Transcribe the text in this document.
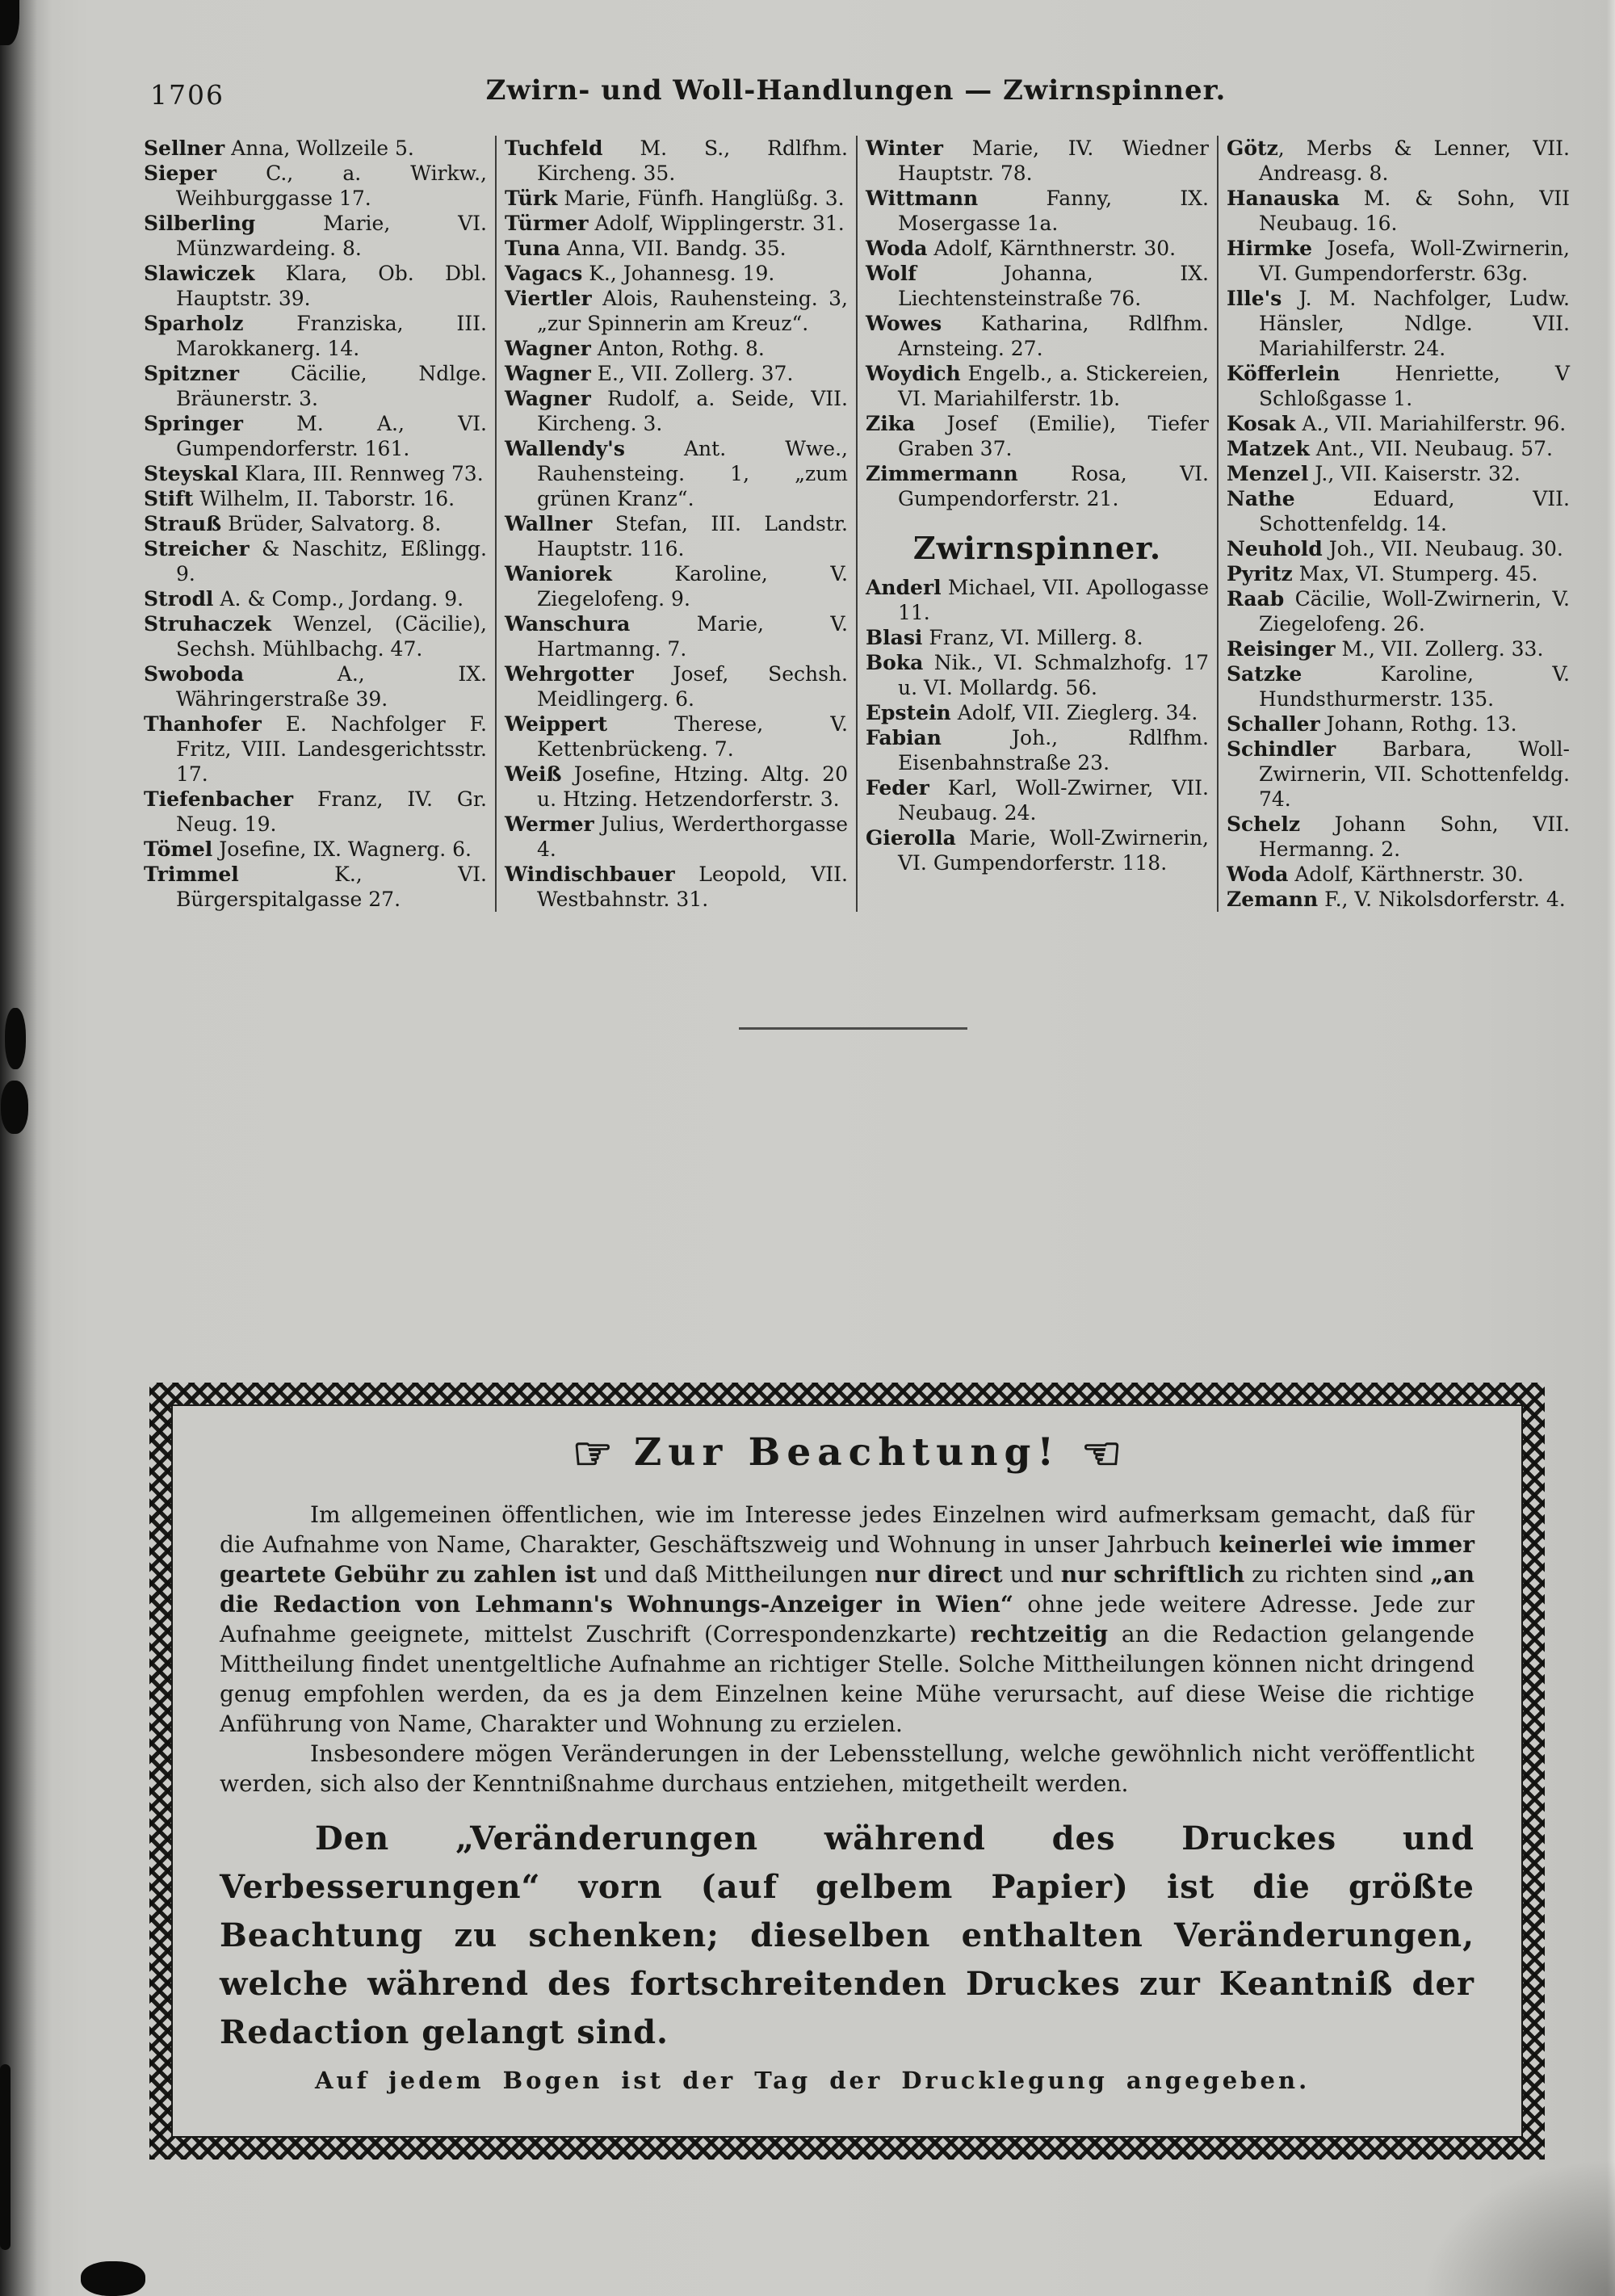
1706	Zwirn- und Woll-Handlungen — Zwirnspinner.
Sellner Anna, Wollzeile 5.
Sieper C., a. Wirkw., Weihburggasse 17.
Silberling Marie, VI. Münzwardeing. 8.
Slawiczek Klara, Ob. Dbl. Hauptstr. 39.
Sparholz Franziska, III. Marokkanerg. 14.
Spitzner Cäcilie, Ndlge. Bräunerstr. 3.
Springer M. A., VI. Gumpendorferstr. 161.
Steyskal Klara, III. Rennweg 73.
Stift Wilhelm, II. Taborstr. 16.
Strauß Brüder, Salvatorg. 8.
Streicher & Naschitz, Eßlingg. 9.
Strodl A. & Comp., Jordang. 9.
Struhaczek Wenzel, (Cäcilie), Sechsh. Mühlbachg. 47.
Swoboda A., IX. Währingerstraße 39.
Thanhofer E. Nachfolger F. Fritz, VIII. Landesgerichtsstr. 17.
Tiefenbacher Franz, IV. Gr. Neug. 19.
Tömel Josefine, IX. Wagnerg. 6.
Trimmel K., VI. Bürgerspitalgasse 27.
Tuchfeld M. S., Rdlfhm. Kircheng. 35.
Türk Marie, Fünfh. Hanglüßg. 3.
Türmer Adolf, Wipplingerstr. 31.
Tuna Anna, VII. Bandg. 35.
Vagacs K., Johannesg. 19.
Viertler Alois, Rauhensteing. 3, „zur Spinnerin am Kreuz“.
Wagner Anton, Rothg. 8.
Wagner E., VII. Zollerg. 37.
Wagner Rudolf, a. Seide, VII. Kircheng. 3.
Wallendy's Ant. Wwe., Rauhensteing. 1, „zum grünen Kranz“.
Wallner Stefan, III. Landstr. Hauptstr. 116.
Waniorek Karoline, V. Ziegelofeng. 9.
Wanschura Marie, V. Hartmanng. 7.
Wehrgotter Josef, Sechsh. Meidlingerg. 6.
Weippert Therese, V. Kettenbrückeng. 7.
Weiß Josefine, Htzing. Altg. 20 u. Htzing. Hetzendorferstr. 3.
Wermer Julius, Werderthorgasse 4.
Windischbauer Leopold, VII. Westbahnstr. 31.
Winter Marie, IV. Wiedner Hauptstr. 78.
Wittmann Fanny, IX. Mosergasse 1a.
Woda Adolf, Kärnthnerstr. 30.
Wolf Johanna, IX. Liechtensteinstraße 76.
Wowes Katharina, Rdlfhm. Arnsteing. 27.
Woydich Engelb., a. Stickereien, VI. Mariahilferstr. 1b.
Zika Josef (Emilie), Tiefer Graben 37.
Zimmermann Rosa, VI. Gumpendorferstr. 21.
Zwirnspinner.
Anderl Michael, VII. Apollogasse 11.
Blasi Franz, VI. Millerg. 8.
Boka Nik., VI. Schmalzhofg. 17 u. VI. Mollardg. 56.
Epstein Adolf, VII. Zieglerg. 34.
Fabian Joh., Rdlfhm. Eisenbahnstraße 23.
Feder Karl, Woll-Zwirner, VII. Neubaug. 24.
Gierolla Marie, Woll-Zwirnerin, VI. Gumpendorferstr. 118.
Götz, Merbs & Lenner, VII. Andreasg. 8.
Hanauska M. & Sohn, VII Neubaug. 16.
Hirmke Josefa, Woll-Zwirnerin, VI. Gumpendorferstr. 63g.
Ille's J. M. Nachfolger, Ludw. Hänsler, Ndlge. VII. Mariahilferstr. 24.
Köfferlein Henriette, V Schloßgasse 1.
Kosak A., VII. Mariahilferstr. 96.
Matzek Ant., VII. Neubaug. 57.
Menzel J., VII. Kaiserstr. 32.
Nathe Eduard, VII. Schottenfeldg. 14.
Neuhold Joh., VII. Neubaug. 30.
Pyritz Max, VI. Stumperg. 45.
Raab Cäcilie, Woll-Zwirnerin, V. Ziegelofeng. 26.
Reisinger M., VII. Zollerg. 33.
Satzke Karoline, V. Hundsthurmerstr. 135.
Schaller Johann, Rothg. 13.
Schindler Barbara, Woll-Zwirnerin, VII. Schottenfeldg. 74.
Schelz Johann Sohn, VII. Hermanng. 2.
Woda Adolf, Kärthnerstr. 30.
Zemann F., V. Nikolsdorferstr. 4.
☞ Zur Beachtung! ☜
Im allgemeinen öffentlichen, wie im Interesse jedes Einzelnen wird aufmerksam gemacht, daß für die Aufnahme von Name, Charakter, Geschäftszweig und Wohnung in unser Jahrbuch keinerlei wie immer geartete Gebühr zu zahlen ist und daß Mittheilungen nur direct und nur schriftlich zu richten sind „an die Redaction von Lehmann's Wohnungs-Anzeiger in Wien“ ohne jede weitere Adresse. Jede zur Aufnahme geeignete, mittelst Zuschrift (Correspondenzkarte) rechtzeitig an die Redaction gelangende Mittheilung findet unentgeltliche Aufnahme an richtiger Stelle. Solche Mittheilungen können nicht dringend genug empfohlen werden, da es ja dem Einzelnen keine Mühe verursacht, auf diese Weise die richtige Anführung von Name, Charakter und Wohnung zu erzielen.
Insbesondere mögen Veränderungen in der Lebensstellung, welche gewöhnlich nicht veröffentlicht werden, sich also der Kenntnißnahme durchaus entziehen, mitgetheilt werden.
Den „Veränderungen während des Druckes und Verbesserungen“ vorn (auf gelbem Papier) ist die größte Beachtung zu schenken; dieselben enthalten Veränderungen, welche während des fortschreitenden Druckes zur Keantniß der Redaction gelangt sind.
Auf jedem Bogen ist der Tag der Drucklegung angegeben.
